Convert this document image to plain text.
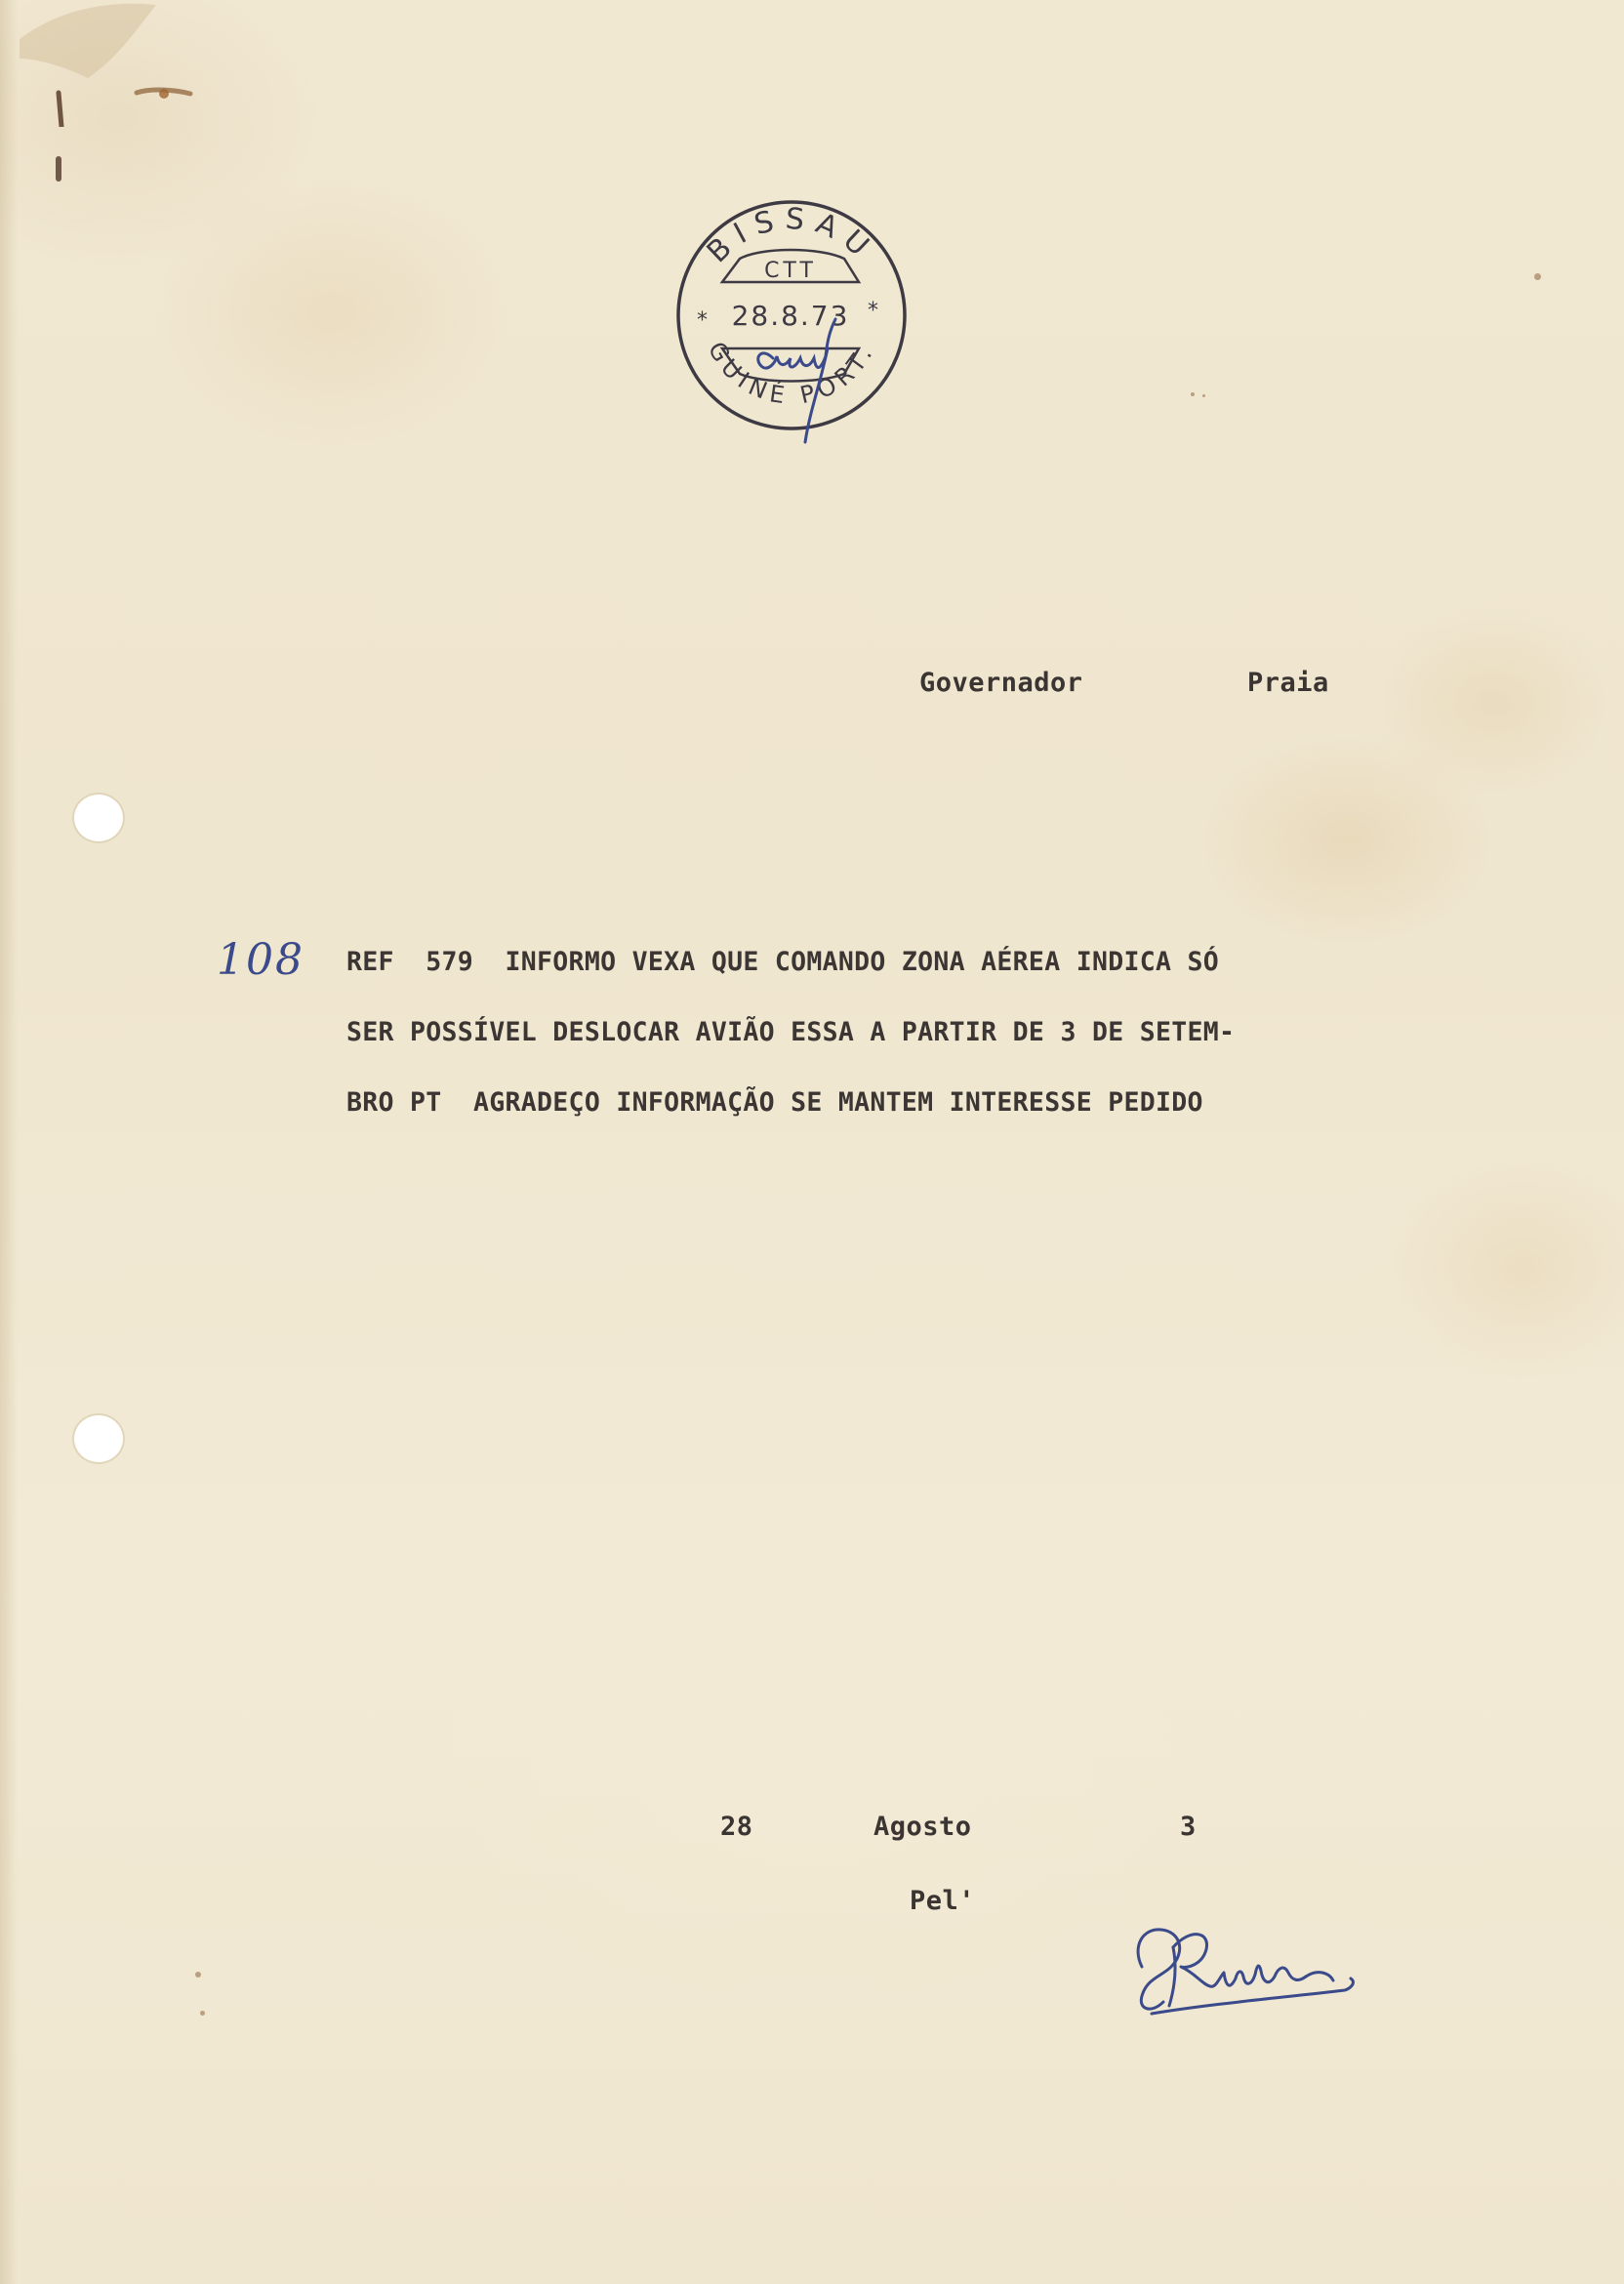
BISSAU
GUINÉ PORT.
CTT
*	*
28.8.73
Governador	Praia
108 REF  579  INFORMO VEXA QUE COMANDO ZONA AÉREA INDICA SÓ
SER POSSÍVEL DESLOCAR AVIÃO ESSA A PARTIR DE 3 DE SETEM-
BRO PT  AGRADEÇO INFORMAÇÃO SE MANTEM INTERESSE PEDIDO
28	Agosto	3
Pel'
